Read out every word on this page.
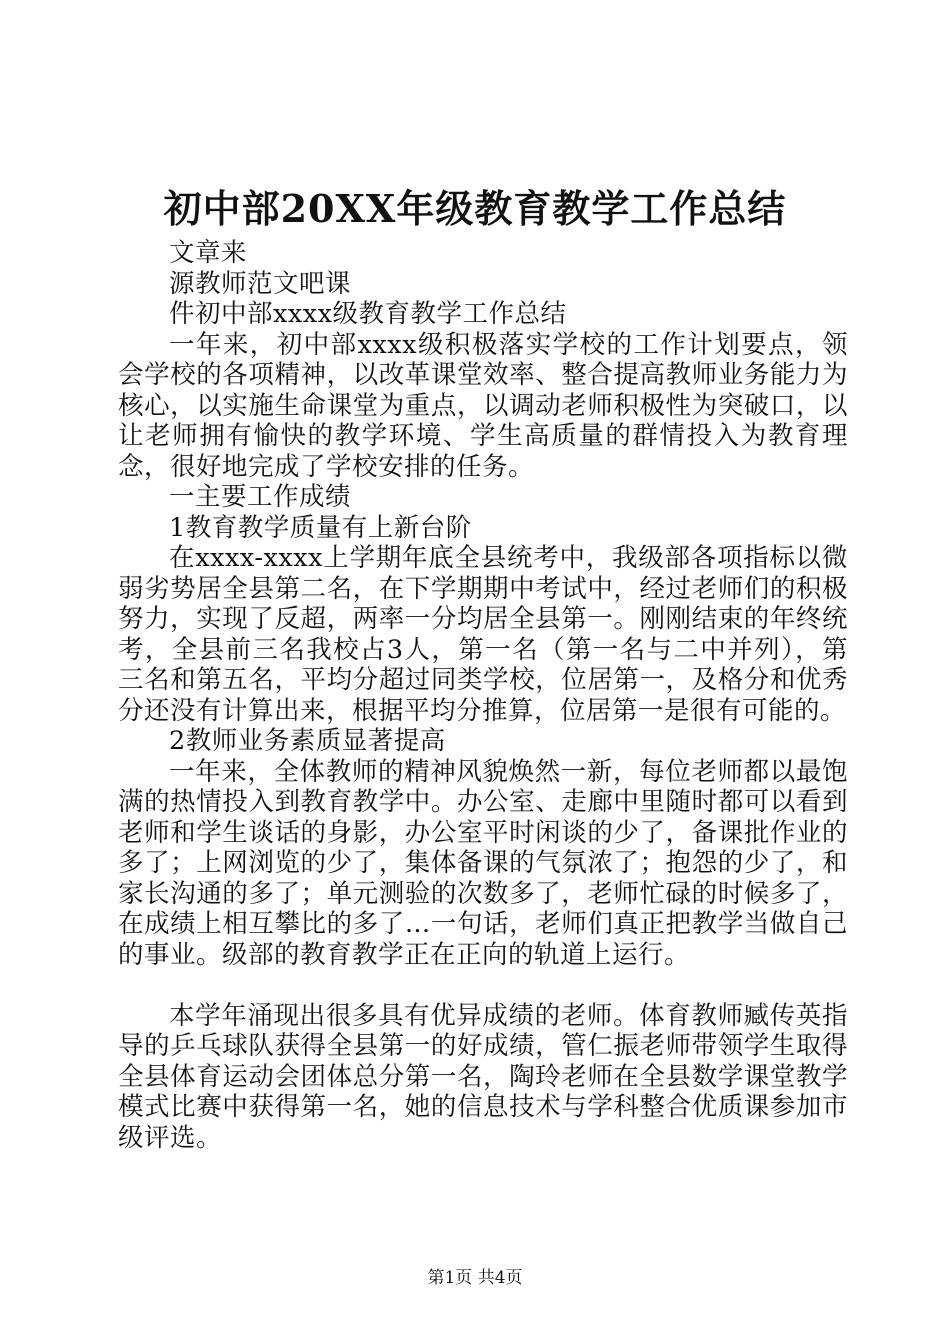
初中部20XX年级教育教学工作总结

文章来

源教师范文吧课

件初中部xxxx级教育教学工作总结

一年来，初中部xxxx级积极落实学校的工作计划要点，领会学校的各项精神，以改革课堂效率、整合提高教师业务能力为核心，以实施生命课堂为重点，以调动老师积极性为突破口，以让老师拥有愉快的教学环境、学生高质量的群情投入为教育理念，很好地完成了学校安排的任务。

一主要工作成绩

1教育教学质量有上新台阶

在xxxx-xxxx上学期年底全县统考中，我级部各项指标以微弱劣势居全县第二名，在下学期期中考试中，经过老师们的积极努力，实现了反超，两率一分均居全县第一。刚刚结束的年终统考，全县前三名我校占3人，第一名（第一名与二中并列），第三名和第五名，平均分超过同类学校，位居第一，及格分和优秀分还没有计算出来，根据平均分推算，位居第一是很有可能的。

2教师业务素质显著提高

一年来，全体教师的精神风貌焕然一新，每位老师都以最饱满的热情投入到教育教学中。办公室、走廊中里随时都可以看到老师和学生谈话的身影，办公室平时闲谈的少了，备课批作业的多了；上网浏览的少了，集体备课的气氛浓了；抱怨的少了，和家长沟通的多了；单元测验的次数多了，老师忙碌的时候多了，在成绩上相互攀比的多了…一句话，老师们真正把教学当做自己的事业。级部的教育教学正在正向的轨道上运行。

本学年涌现出很多具有优异成绩的老师。体育教师臧传英指导的乒乓球队获得全县第一的好成绩，管仁振老师带领学生取得全县体育运动会团体总分第一名，陶玲老师在全县数学课堂教学模式比赛中获得第一名，她的信息技术与学科整合优质课参加市级评选。

第1页 共4页
